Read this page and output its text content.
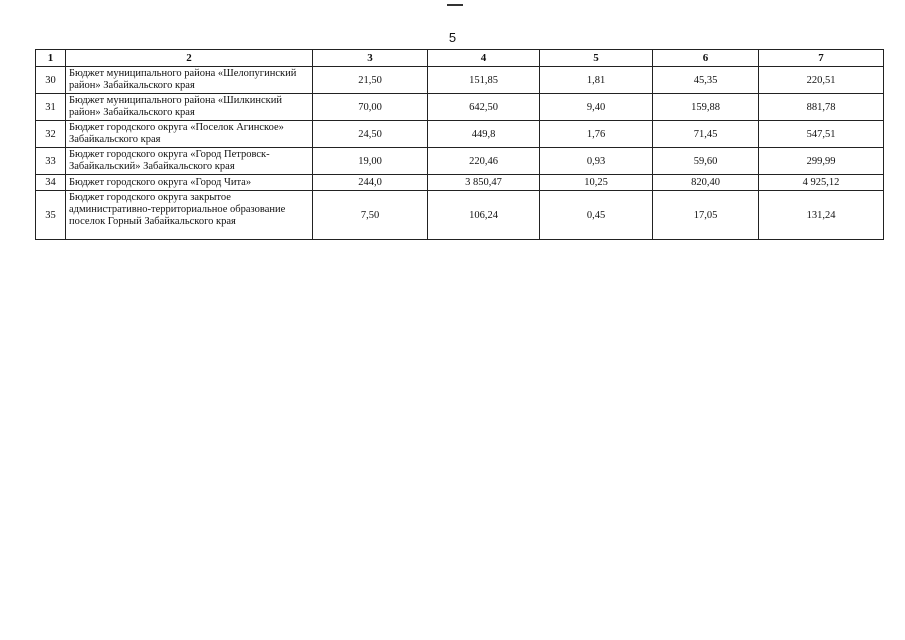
5
1	2	3	4	5	6	7
30	Бюджет муниципального района «Шелопугинский район» Забайкальского края	21,50	151,85	1,81	45,35	220,51
31	Бюджет муниципального района «Шилкинский район» Забайкальского края	70,00	642,50	9,40	159,88	881,78
32	Бюджет городского округа «Поселок Агинское» Забайкальского края	24,50	449,8	1,76	71,45	547,51
33	Бюджет городского округа «Город Петровск-Забайкальский» Забайкальского края	19,00	220,46	0,93	59,60	299,99
34	Бюджет городского округа «Город Чита»	244,0	3 850,47	10,25	820,40	4 925,12
35	Бюджет городского округа закрытое административно-территориальное образование поселок Горный Забайкальского края	7,50	106,24	0,45	17,05	131,24
